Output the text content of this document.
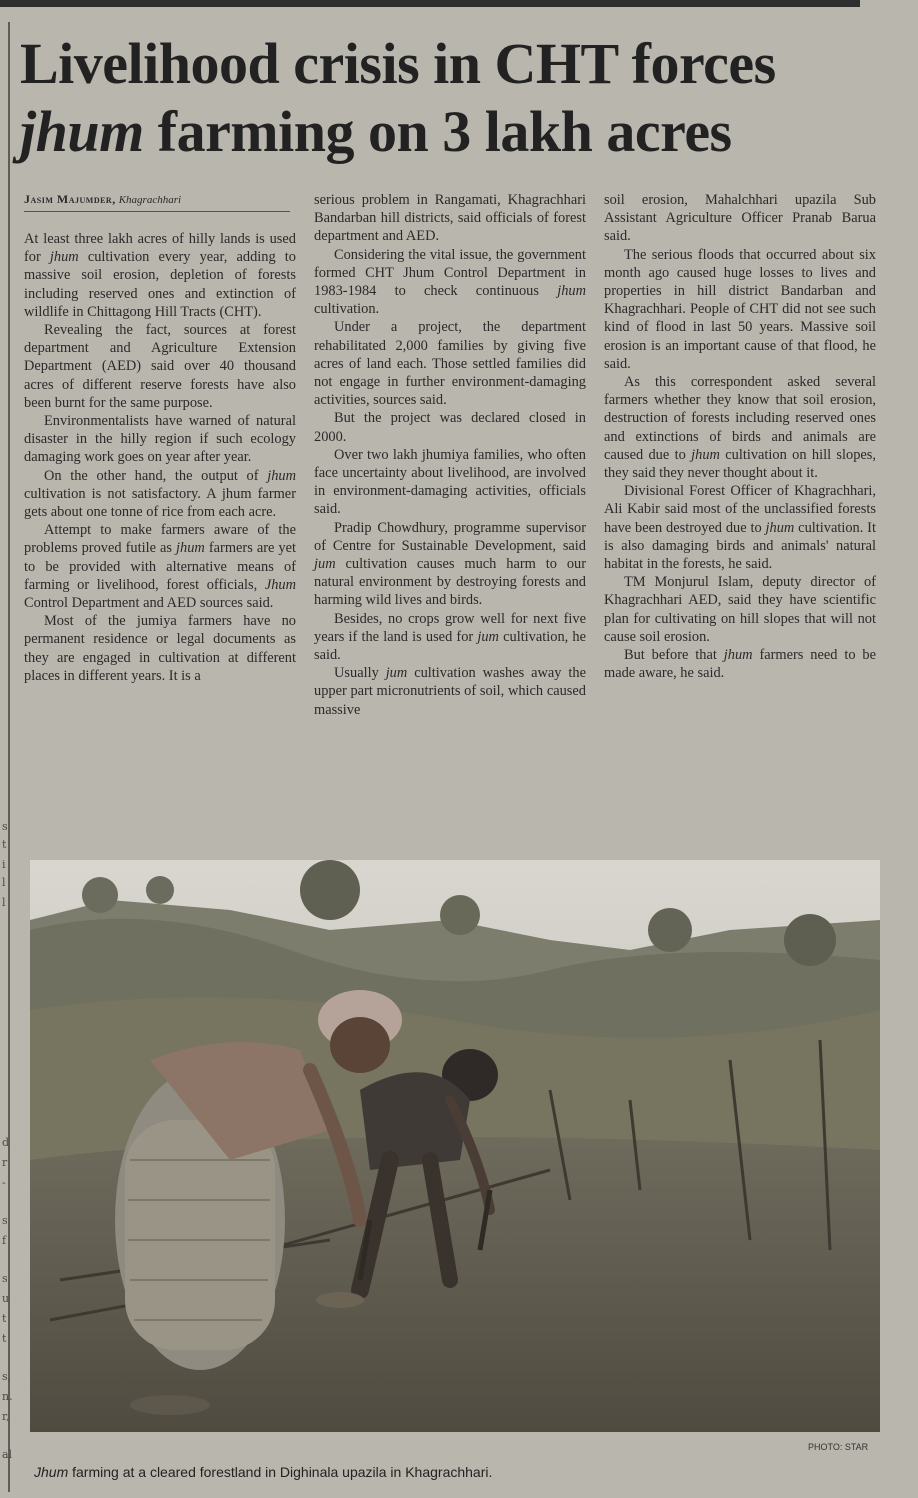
s
t
i
l
l
d
r
-
s
f
s
u
t
t
s,
n.
r,
al
Livelihood crisis in CHT forces
jhum farming on 3 lakh acres
Jasim Majumder, Khagrachhari

At least three lakh acres of hilly lands is used for jhum cultivation every year, adding to massive soil erosion, depletion of forests including reserved ones and extinction of wildlife in Chittagong Hill Tracts (CHT).

Revealing the fact, sources at forest department and Agriculture Extension Department (AED) said over 40 thousand acres of different reserve forests have also been burnt for the same purpose.

Environmentalists have warned of natural disaster in the hilly region if such ecology damaging work goes on year after year.

On the other hand, the output of jhum cultivation is not satisfactory. A jhum farmer gets about one tonne of rice from each acre.

Attempt to make farmers aware of the problems proved futile as jhum farmers are yet to be provided with alternative means of farming or livelihood, forest officials, Jhum Control Department and AED sources said.

Most of the jumiya farmers have no permanent residence or legal documents as they are engaged in cultivation at different places in different years. It is a

serious problem in Rangamati, Khagrachhari Bandarban hill districts, said officials of forest department and AED.

Considering the vital issue, the government formed CHT Jhum Control Department in 1983-1984 to check continuous jhum cultivation.

Under a project, the department rehabilitated 2,000 families by giving five acres of land each. Those settled families did not engage in further environment-damaging activities, sources said.

But the project was declared closed in 2000.

Over two lakh jhumiya families, who often face uncertainty about livelihood, are involved in environment-damaging activities, officials said.

Pradip Chowdhury, programme supervisor of Centre for Sustainable Development, said jum cultivation causes much harm to our natural environment by destroying forests and harming wild lives and birds.

Besides, no crops grow well for next five years if the land is used for jum cultivation, he said.

Usually jum cultivation washes away the upper part micronutrients of soil, which caused massive

soil erosion, Mahalchhari upazila Sub Assistant Agriculture Officer Pranab Barua said.

The serious floods that occurred about six month ago caused huge losses to lives and properties in hill district Bandarban and Khagrachhari. People of CHT did not see such kind of flood in last 50 years. Massive soil erosion is an important cause of that flood, he said.

As this correspondent asked several farmers whether they know that soil erosion, destruction of forests including reserved ones and extinctions of birds and animals are caused due to jhum cultivation on hill slopes, they said they never thought about it.

Divisional Forest Officer of Khagrachhari, Ali Kabir said most of the unclassified forests have been destroyed due to jhum cultivation. It is also damaging birds and animals' natural habitat in the forests, he said.

TM Monjurul Islam, deputy director of Khagrachhari AED, said they have scientific plan for cultivating on hill slopes that will not cause soil erosion.

But before that jhum farmers need to be made aware, he said.

PHOTO: STAR
Jhum farming at a cleared forestland in Dighinala upazila in Khagrachhari.
